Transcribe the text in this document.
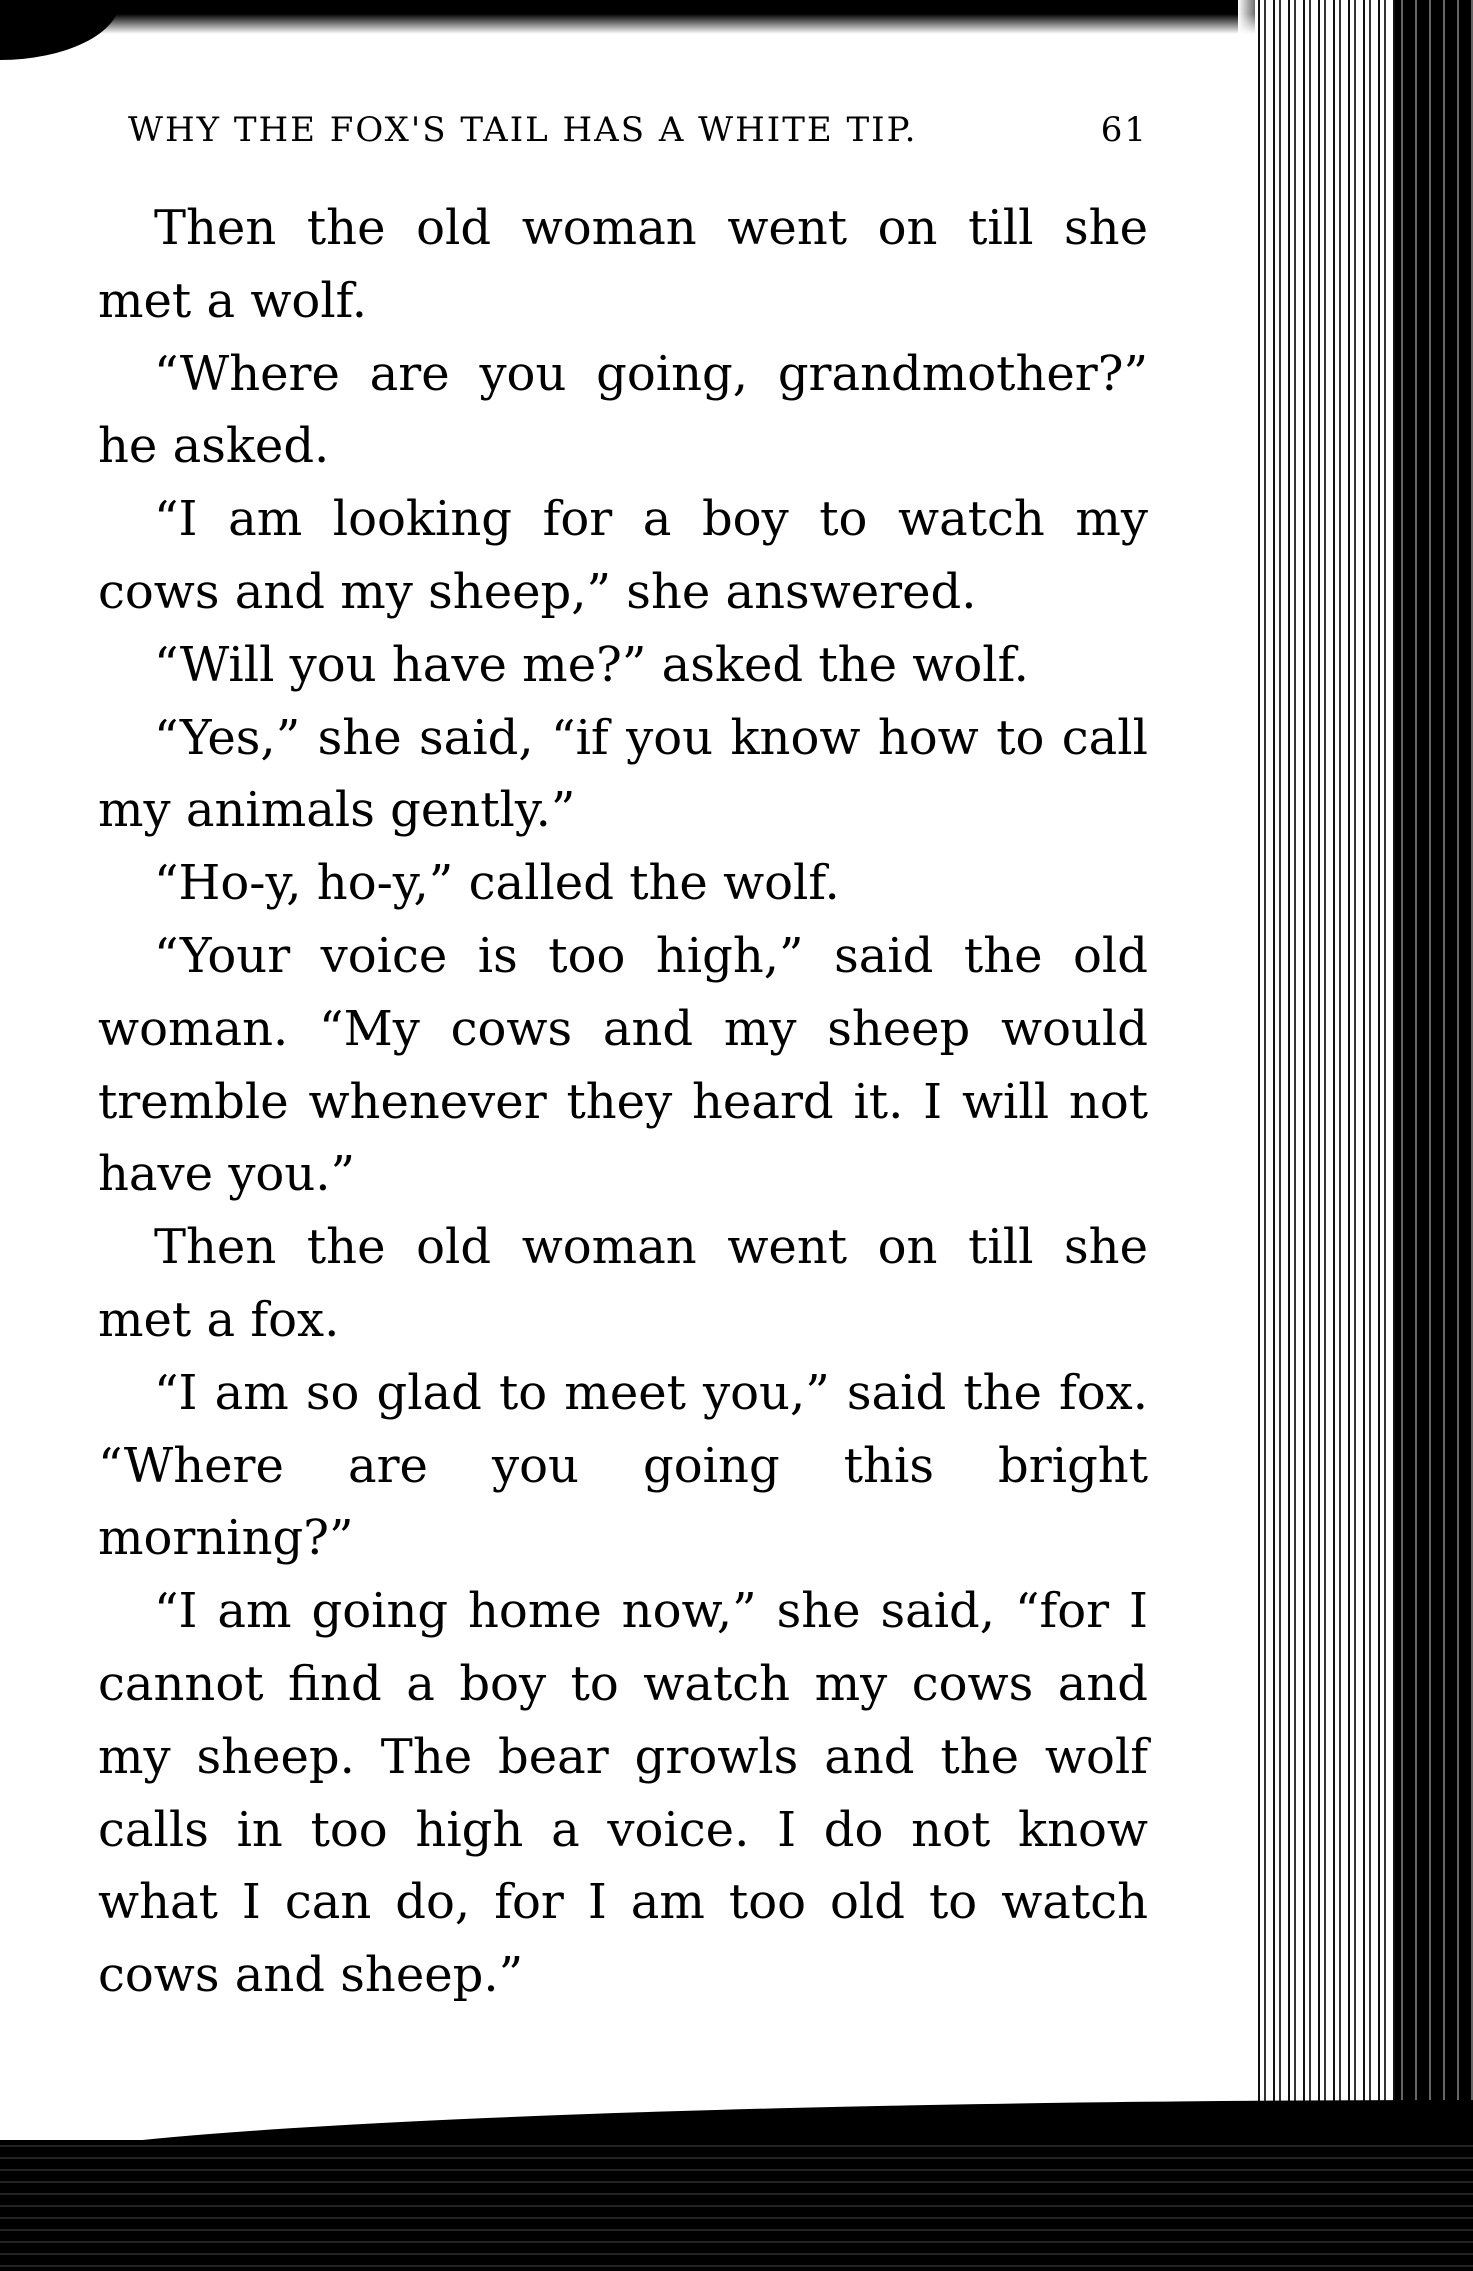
WHY THE FOX'S TAIL HAS A WHITE TIP.	61

Then the old woman went on till she met a wolf.

“Where are you going, grandmother?” he asked.

“I am looking for a boy to watch my cows and my sheep,” she answered.

“Will you have me?” asked the wolf.

“Yes,” she said, “if you know how to call my animals gently.”

“Ho-y, ho-y,” called the wolf.

“Your voice is too high,” said the old woman. “My cows and my sheep would tremble whenever they heard it. I will not have you.”

Then the old woman went on till she met a fox.

“I am so glad to meet you,” said the fox. “Where are you going this bright morning?”

“I am going home now,” she said, “for I cannot find a boy to watch my cows and my sheep. The bear growls and the wolf calls in too high a voice. I do not know what I can do, for I am too old to watch cows and sheep.”
